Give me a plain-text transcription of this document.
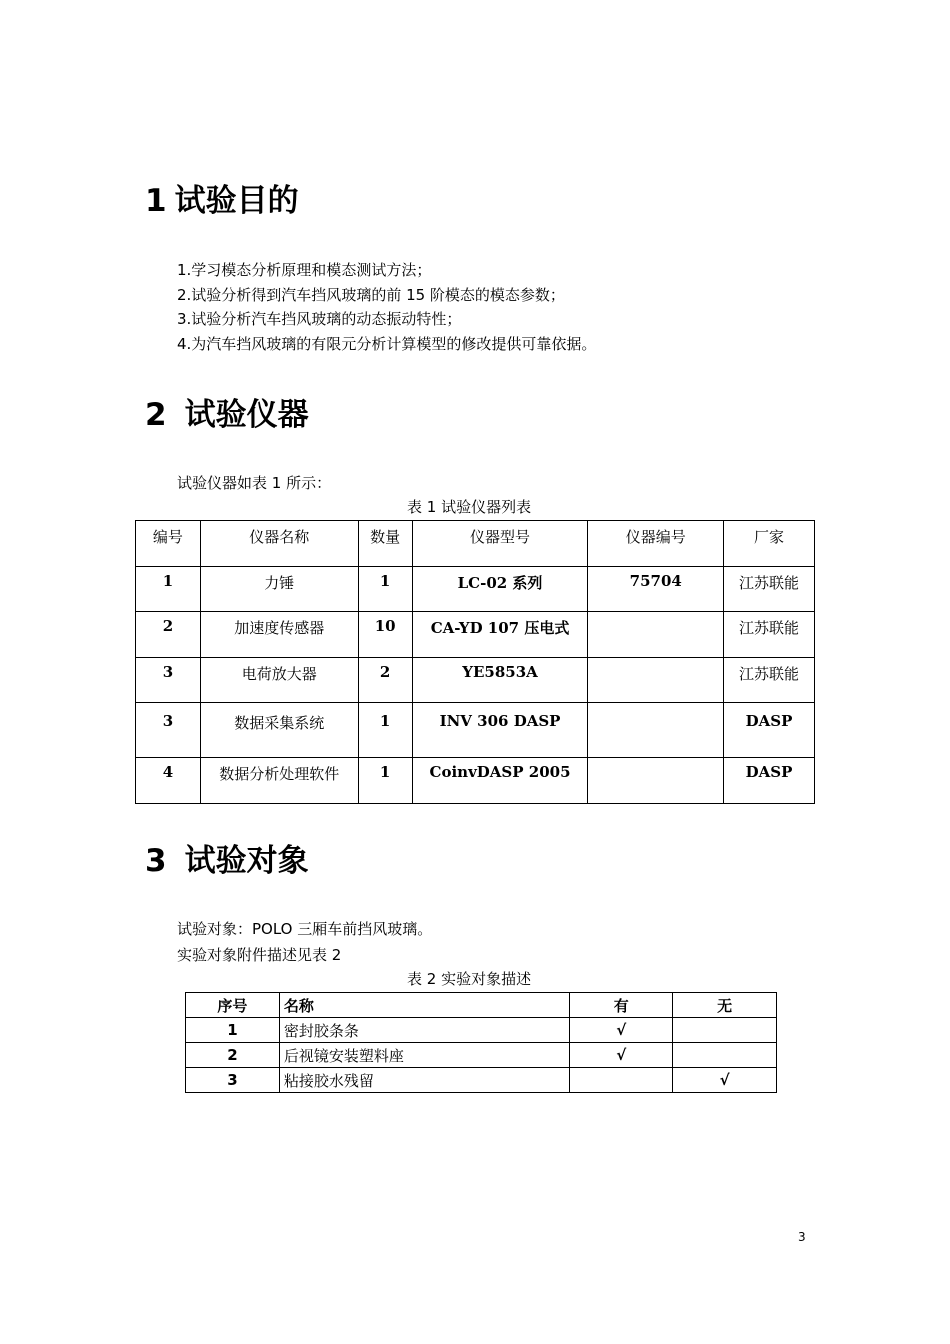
1 试验目的
1.学习模态分析原理和模态测试方法；
2.试验分析得到汽车挡风玻璃的前 15 阶模态的模态参数；
3.试验分析汽车挡风玻璃的动态振动特性；
4.为汽车挡风玻璃的有限元分析计算模型的修改提供可靠依据。
2 试验仪器
试验仪器如表 1 所示：
表 1 试验仪器列表
编号	仪器名称	数量	仪器型号	仪器编号	厂家
1	力锤	1	LC-02 系列	75704	江苏联能
2	加速度传感器	10	CA-YD 107 压电式		江苏联能
3	电荷放大器	2	YE5853A		江苏联能
3	数据采集系统	1	INV 306 DASP		DASP
4	数据分析处理软件	1	CoinvDASP 2005		DASP
3 试验对象
试验对象：POLO 三厢车前挡风玻璃。
实验对象附件描述见表 2
表 2 实验对象描述
序号	名称	有	无
1	密封胶条条	√	
2	后视镜安装塑料座	√	
3	粘接胶水残留		√
3
